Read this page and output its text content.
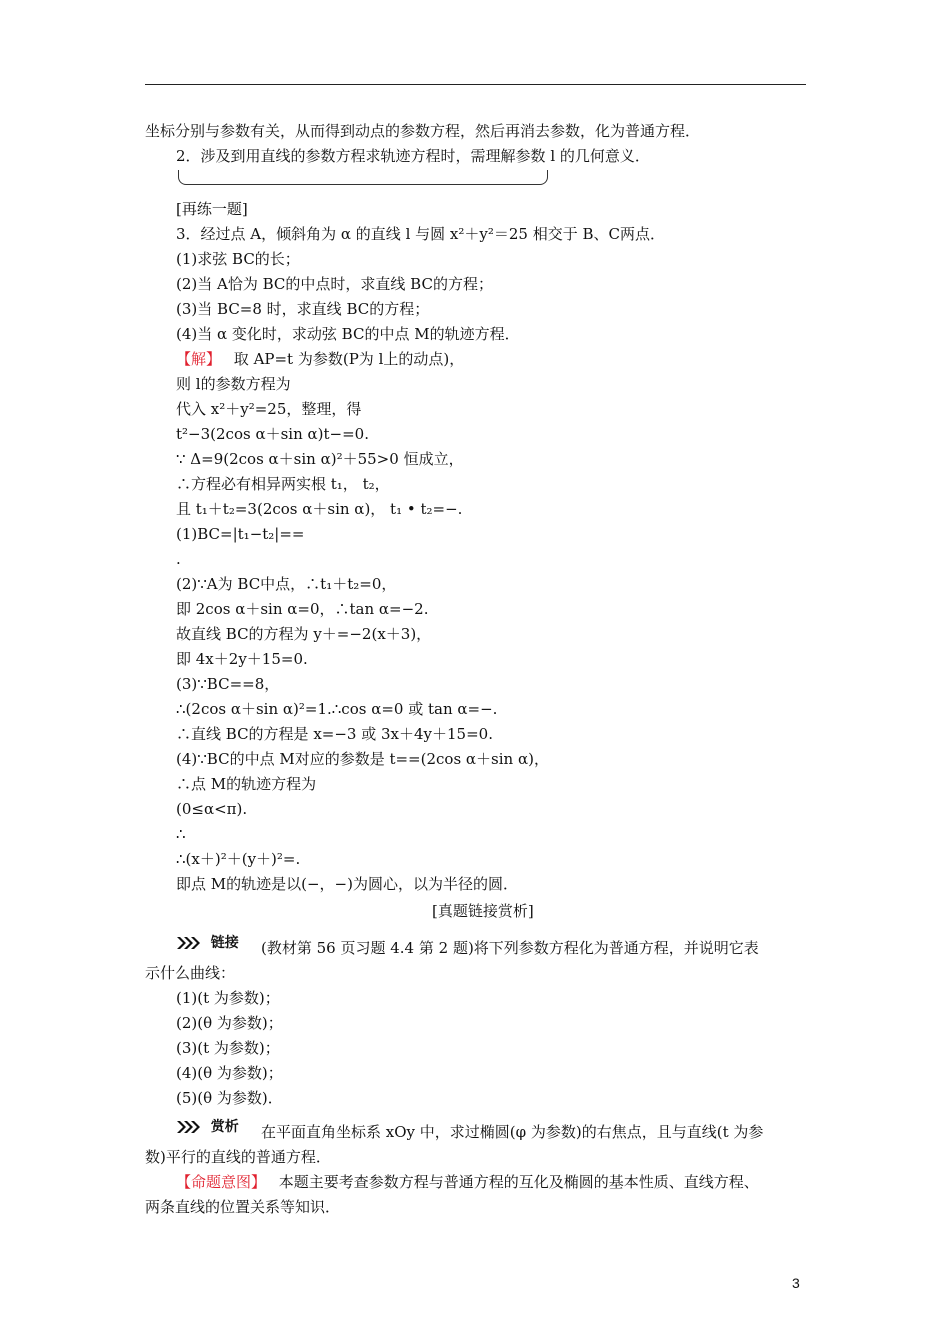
坐标分别与参数有关，从而得到动点的参数方程，然后再消去参数，化为普通方程．
2．涉及到用直线的参数方程求轨迹方程时，需理解参数 l 的几何意义．
[再练一题]
3．经过点 A，倾斜角为 α 的直线 l 与圆 x²＋y²＝25 相交于 B、C两点．
(1)求弦 BC的长；
(2)当 A恰为 BC的中点时，求直线 BC的方程；
(3)当 BC=8 时，求直线 BC的方程；
(4)当 α 变化时，求动弦 BC的中点 M的轨迹方程．
【解】 取 AP=t 为参数(P为 l上的动点)，
则 l的参数方程为
代入 x²＋y²=25，整理，得
t²−3(2cos α＋sin α)t−=0.
∵ Δ=9(2cos α＋sin α)²＋55>0 恒成立，
∴方程必有相异两实根 t₁， t₂，
且 t₁＋t₂=3(2cos α＋sin α)， t₁ • t₂=−.
(1)BC=|t₁−t₂|==
.
(2)∵A为 BC中点，∴t₁＋t₂=0，
即 2cos α＋sin α=0，∴tan α=−2.
故直线 BC的方程为 y＋=−2(x＋3)，
即 4x＋2y＋15=0.
(3)∵BC==8，
∴(2cos α＋sin α)²=1.∴cos α=0 或 tan α=−.
∴直线 BC的方程是 x=−3 或 3x＋4y＋15=0.
(4)∵BC的中点 M对应的参数是 t==(2cos α＋sin α)，
∴点 M的轨迹方程为
(0≤α<π).
∴
∴(x＋)²＋(y＋)²=.
即点 M的轨迹是以(−，−)为圆心，以为半径的圆．
[真题链接赏析]
链接 (教材第 56 页习题 4.4 第 2 题)将下列参数方程化为普通方程，并说明它表
示什么曲线：
(1)(t 为参数)；
(2)(θ 为参数)；
(3)(t 为参数)；
(4)(θ 为参数)；
(5)(θ 为参数)．
赏析 在平面直角坐标系 xOy 中，求过椭圆(φ 为参数)的右焦点，且与直线(t 为参
数)平行的直线的普通方程．
【命题意图】 本题主要考查参数方程与普通方程的互化及椭圆的基本性质、直线方程、
两条直线的位置关系等知识．
3
